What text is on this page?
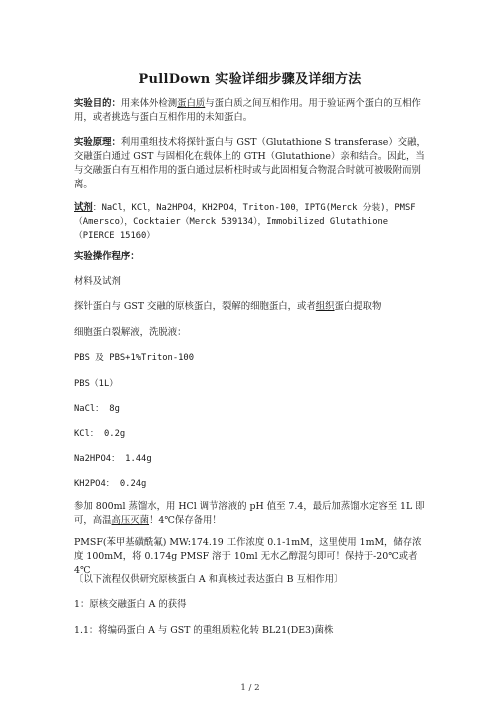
PullDown 实验详细步骤及详细方法
实验目的：用来体外检测蛋白质与蛋白质之间互相作用。用于验证两个蛋白的互相作用，或者挑选与蛋白互相作用的未知蛋白。
实验原理：利用重组技术将探针蛋白与 GST（Glutathione S transferase）交融，交融蛋白通过 GST 与固相化在载体上的 GTH（Glutathione）亲和结合。因此，当与交融蛋白有互相作用的蛋白通过层析柱时或与此固相复合物混合时就可被吸附而别离。
试剂：NaCl，KCl，Na2HPO4，KH2PO4，Triton-100，IPTG(Merck 分装)，PMSF（Amersco），Cocktaier（Merck 539134），Immobilized Glutathione（PIERCE 15160）
实验操作程序：
材料及试剂
探针蛋白与 GST 交融的原核蛋白，裂解的细胞蛋白，或者组织蛋白提取物
细胞蛋白裂解液，洗脱液：
PBS 及 PBS+1%Triton-100
PBS（1L）
NaCl： 8g
KCl： 0.2g
Na2HPO4： 1.44g
KH2PO4： 0.24g
参加 800ml 蒸馏水，用 HCl 调节溶液的 pH 值至 7.4，最后加蒸馏水定容至 1L 即可，高温高压灭菌！4℃保存备用！
PMSF(苯甲基磺酰氟) MW:174.19 工作浓度 0.1-1mM，这里使用 1mM，储存浓度 100mM，将 0.174g PMSF 溶于 10ml 无水乙醇混匀即可！保持于-20℃或者 4℃
〔以下流程仅供研究原核蛋白 A 和真核过表达蛋白 B 互相作用〕
1：原核交融蛋白 A 的获得
1.1：将编码蛋白 A 与 GST 的重组质粒化转 BL21(DE3)菌株
1 / 2
